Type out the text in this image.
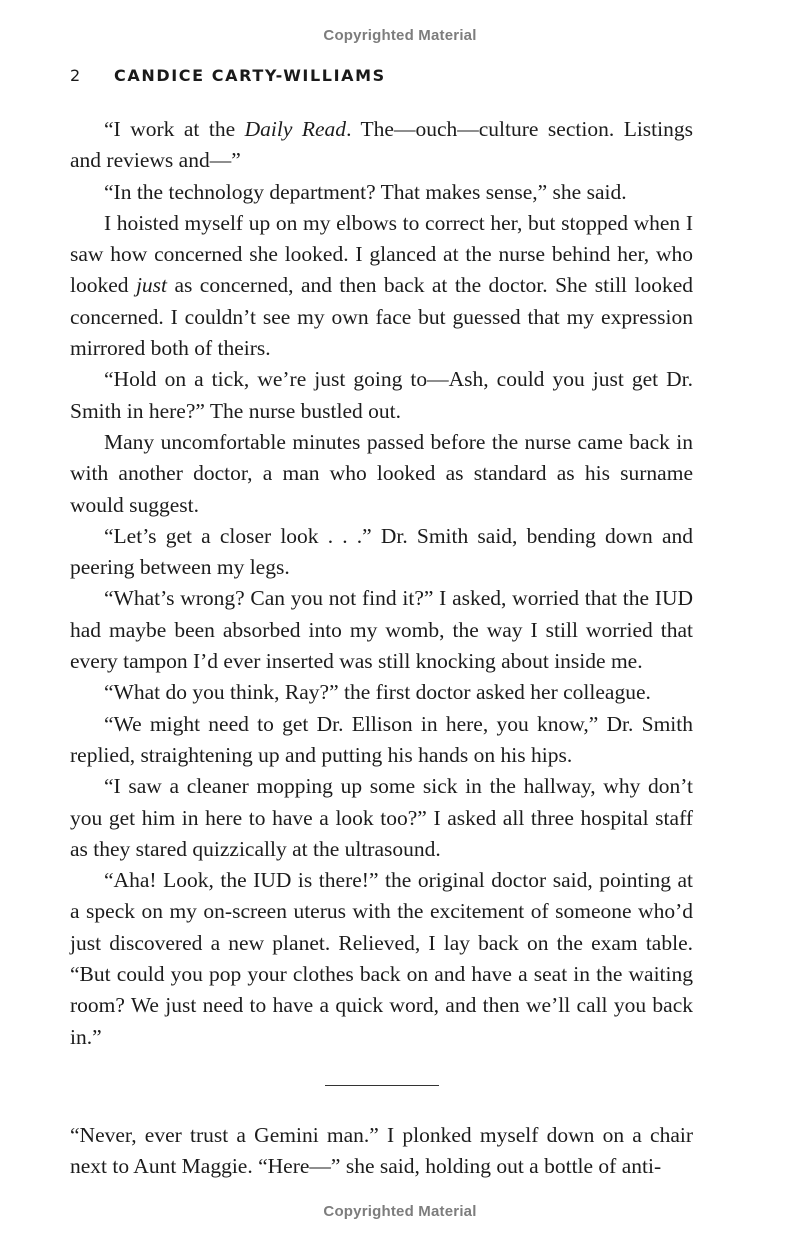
Copyrighted Material
2 CANDICE CARTY-WILLIAMS

“I work at the Daily Read. The—ouch—culture section. Listings and reviews and—”

“In the technology department? That makes sense,” she said.

I hoisted myself up on my elbows to correct her, but stopped when I saw how concerned she looked. I glanced at the nurse behind her, who looked just as concerned, and then back at the doctor. She still looked concerned. I couldn’t see my own face but guessed that my expression mirrored both of theirs.

“Hold on a tick, we’re just going to—Ash, could you just get Dr. Smith in here?” The nurse bustled out.

Many uncomfortable minutes passed before the nurse came back in with another doctor, a man who looked as standard as his surname would suggest.

“Let’s get a closer look . . .” Dr. Smith said, bending down and peering between my legs.

“What’s wrong? Can you not find it?” I asked, worried that the IUD had maybe been absorbed into my womb, the way I still worried that every tampon I’d ever inserted was still knocking about inside me.

“What do you think, Ray?” the first doctor asked her colleague.

“We might need to get Dr. Ellison in here, you know,” Dr. Smith replied, straightening up and putting his hands on his hips.

“I saw a cleaner mopping up some sick in the hallway, why don’t you get him in here to have a look too?” I asked all three hospital staff as they stared quizzically at the ultrasound.

“Aha! Look, the IUD is there!” the original doctor said, pointing at a speck on my on-screen uterus with the excitement of someone who’d just discovered a new planet. Relieved, I lay back on the exam table. “But could you pop your clothes back on and have a seat in the waiting room? We just need to have a quick word, and then we’ll call you back in.”

“Never, ever trust a Gemini man.” I plonked myself down on a chair next to Aunt Maggie. “Here—” she said, holding out a bottle of anti-

Copyrighted Material
